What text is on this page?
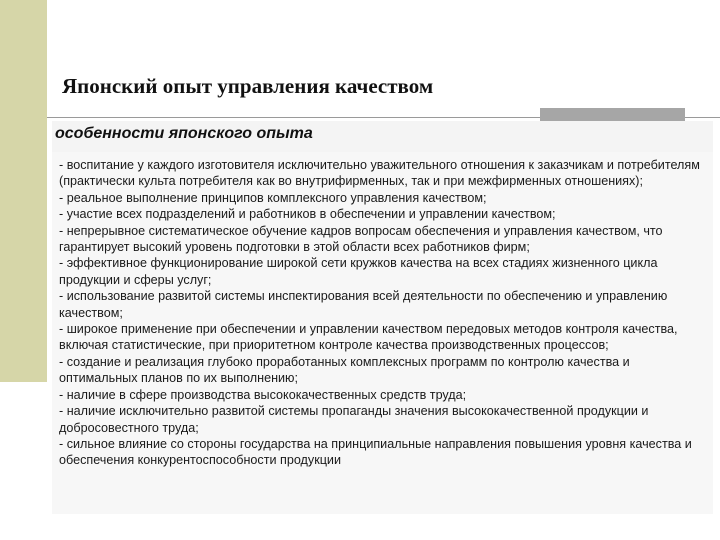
Японский опыт управления качеством
особенности японского опыта

- воспитание у каждого изготовителя исключительно уважительного отношения к заказчикам и потребителям (практически культа потребителя как во внутрифирменных, так и при межфирменных отношениях);

- реальное выполнение принципов комплексного управления качеством;

- участие всех подразделений и работников в обеспечении и управлении качеством;

- непрерывное систематическое обучение кадров вопросам обеспечения и управления качеством, что гарантирует высокий уровень подготовки в этой области всех работников фирм;

- эффективное функционирование широкой сети кружков качества на всех стадиях жизненного цикла продукции и сферы услуг;

- использование развитой системы инспектирования всей деятельности по обеспечению и управлению качеством;

- широкое применение при обеспечении и управлении качеством передовых методов контроля качества, включая статистические, при приоритетном контроле качества производственных процессов;

- создание и реализация глубоко проработанных комплексных программ по контролю качества и оптимальных планов по их выполнению;

- наличие в сфере производства высококачественных средств труда;

- наличие исключительно развитой системы пропаганды значения высококачественной продукции и добросовестного труда;

- сильное влияние со стороны государства на принципиальные направления повышения уровня качества и обеспечения конкурентоспособности продукции
